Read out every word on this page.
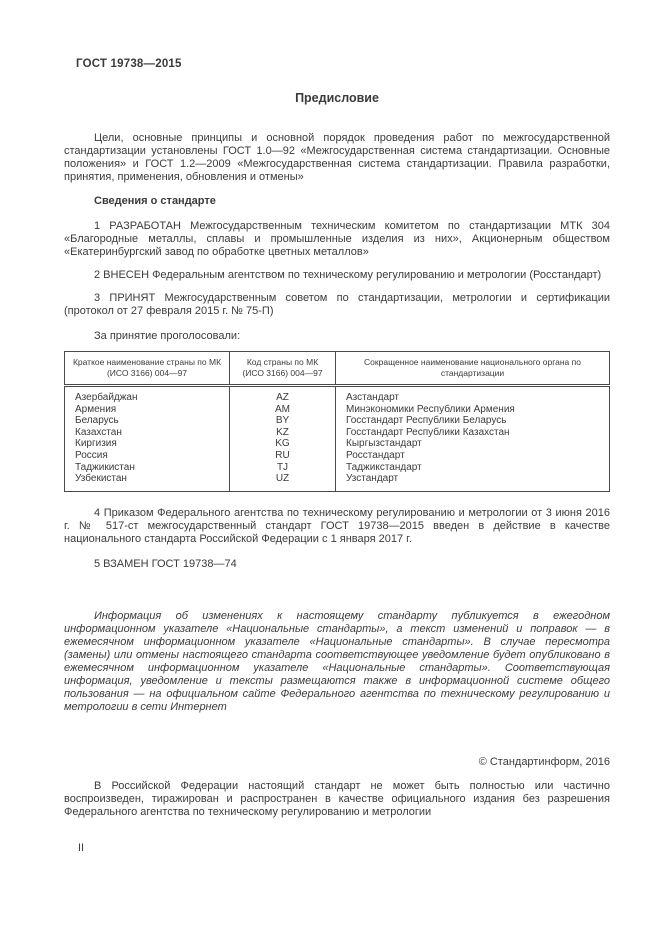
ГОСТ 19738—2015
Предисловие

Цели, основные принципы и основной порядок проведения работ по межгосударственной стандартизации установлены ГОСТ 1.0—92 «Межгосударственная система стандартизации. Основные положения» и ГОСТ 1.2—2009 «Межгосударственная система стандартизации. Правила разработки, принятия, применения, обновления и отмены»

Сведения о стандарте

1 РАЗРАБОТАН Межгосударственным техническим комитетом по стандартизации МТК 304 «Благородные металлы, сплавы и промышленные изделия из них», Акционерным обществом «Екатеринбургский завод по обработке цветных металлов»

2 ВНЕСЕН Федеральным агентством по техническому регулированию и метрологии (Росстандарт)

3 ПРИНЯТ Межгосударственным советом по стандартизации, метрологии и сертификации (протокол от 27 февраля 2015 г. № 75-П)

За принятие проголосовали:

Краткое наименование страны по МК (ИСО 3166) 004—97	Код страны по МК (ИСО 3166) 004—97	Сокращенное наименование национального органа по стандартизации
Азербайджан	AZ	Азстандарт
Армения	AM	Минэкономики Республики Армения
Беларусь	BY	Госстандарт Республики Беларусь
Казахстан	KZ	Госстандарт Республики Казахстан
Киргизия	KG	Кыргызстандарт
Россия	RU	Росстандарт
Таджикистан	TJ	Таджикстандарт
Узбекистан	UZ	Узстандарт

4 Приказом Федерального агентства по техническому регулированию и метрологии от 3 июня 2016 г. № 517-ст межгосударственный стандарт ГОСТ 19738—2015 введен в действие в качестве национального стандарта Российской Федерации с 1 января 2017 г.

5 ВЗАМЕН ГОСТ 19738—74

Информация об изменениях к настоящему стандарту публикуется в ежегодном информационном указателе «Национальные стандарты», а текст изменений и поправок — в ежемесячном информационном указателе «Национальные стандарты». В случае пересмотра (замены) или отмены настоящего стандарта соответствующее уведомление будет опубликовано в ежемесячном информационном указателе «Национальные стандарты». Соответствующая информация, уведомление и тексты размещаются также в информационной системе общего пользования — на официальном сайте Федерального агентства по техническому регулированию и метрологии в сети Интернет

© Стандартинформ, 2016

В Российской Федерации настоящий стандарт не может быть полностью или частично воспроизведен, тиражирован и распространен в качестве официального издания без разрешения Федерального агентства по техническому регулированию и метрологии

II
